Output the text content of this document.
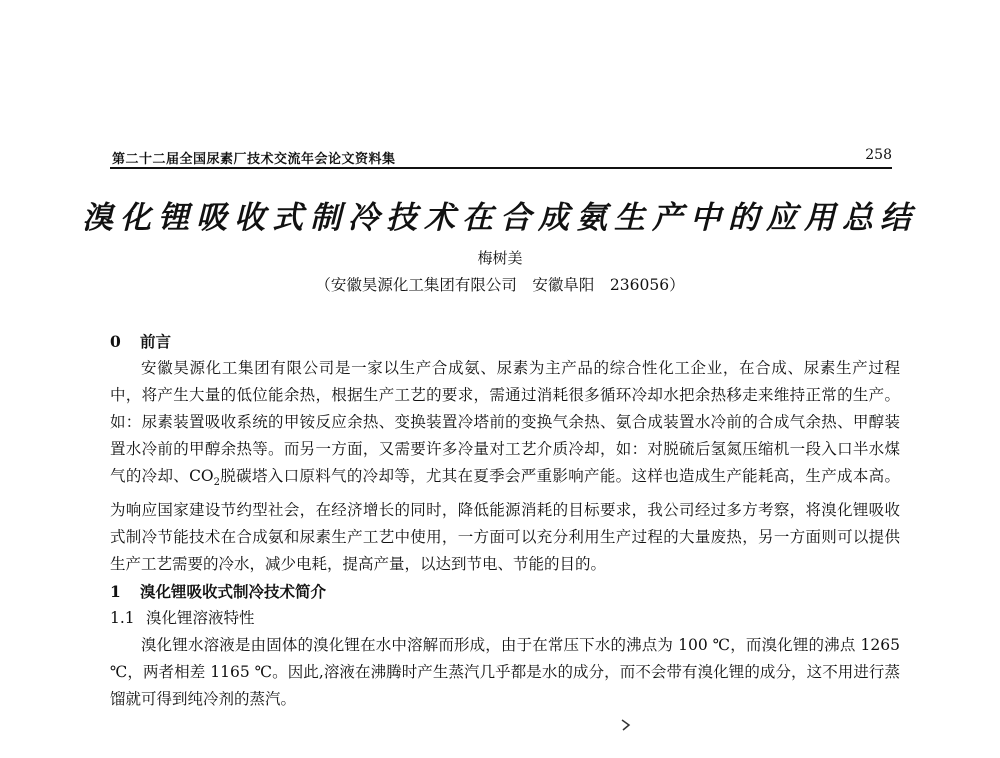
第二十二届全国尿素厂技术交流年会论文资料集	258
溴化锂吸收式制冷技术在合成氨生产中的应用总结
梅树美
（安徽昊源化工集团有限公司　安徽阜阳　236056）
0 前言

安徽昊源化工集团有限公司是一家以生产合成氨、尿素为主产品的综合性化工企业，在合成、尿素生产过程中，将产生大量的低位能余热，根据生产工艺的要求，需通过消耗很多循环冷却水把余热移走来维持正常的生产。如：尿素装置吸收系统的甲铵反应余热、变换装置冷塔前的变换气余热、氨合成装置水冷前的合成气余热、甲醇装置水冷前的甲醇余热等。而另一方面，又需要许多冷量对工艺介质冷却，如：对脱硫后氢氮压缩机一段入口半水煤气的冷却、$CO_2$脱碳塔入口原料气的冷却等，尤其在夏季会严重影响产能。这样也造成生产能耗高，生产成本高。为响应国家建设节约型社会，在经济增长的同时，降低能源消耗的目标要求，我公司经过多方考察，将溴化锂吸收式制冷节能技术在合成氨和尿素生产工艺中使用，一方面可以充分利用生产过程的大量废热，另一方面则可以提供生产工艺需要的冷水，减少电耗，提高产量，以达到节电、节能的目的。

1 溴化锂吸收式制冷技术简介
1.1 溴化锂溶液特性

溴化锂水溶液是由固体的溴化锂在水中溶解而形成，由于在常压下水的沸点为 100 ℃，而溴化锂的沸点 1265 ℃，两者相差 1165 ℃。因此,溶液在沸腾时产生蒸汽几乎都是水的成分，而不会带有溴化锂的成分，这不用进行蒸馏就可得到纯冷剂的蒸汽。
